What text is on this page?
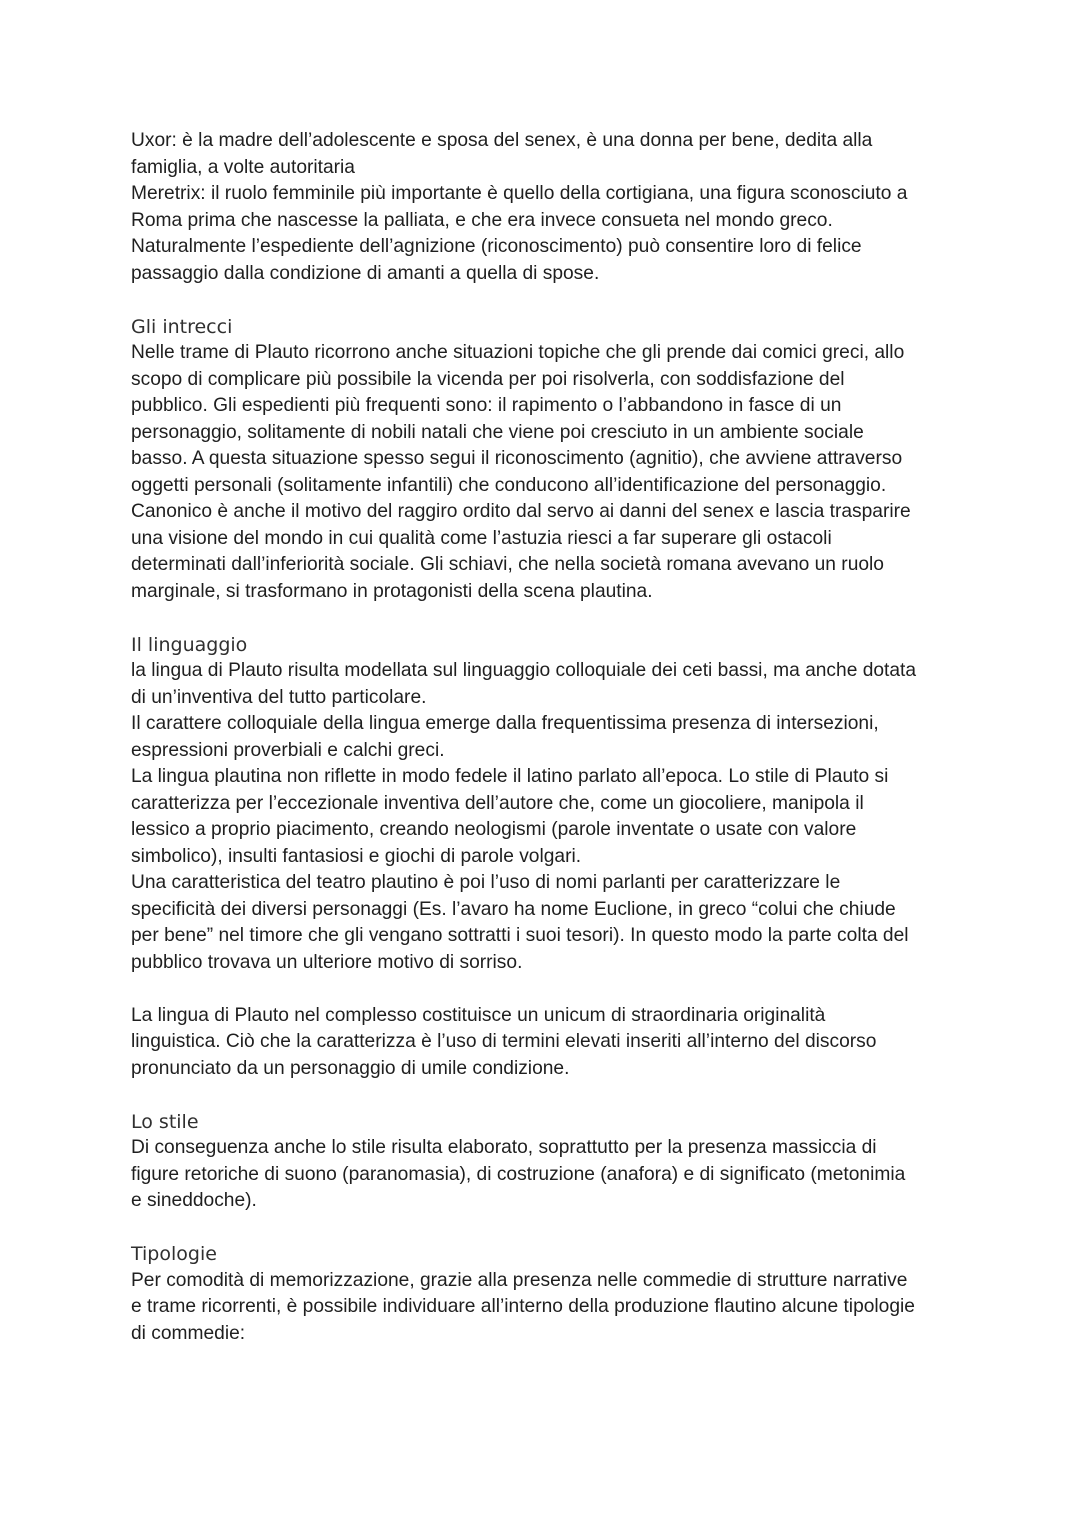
Uxor: è la madre dell’adolescente e sposa del senex, è una donna per bene, dedita alla
famiglia, a volte autoritaria
Meretrix: il ruolo femminile più importante è quello della cortigiana, una figura sconosciuto a
Roma prima che nascesse la palliata, e che era invece consueta nel mondo greco.
Naturalmente l’espediente dell’agnizione (riconoscimento) può consentire loro di felice
passaggio dalla condizione di amanti a quella di spose.
Gli intrecci
Nelle trame di Plauto ricorrono anche situazioni topiche che gli prende dai comici greci, allo
scopo di complicare più possibile la vicenda per poi risolverla, con soddisfazione del
pubblico. Gli espedienti più frequenti sono: il rapimento o l’abbandono in fasce di un
personaggio, solitamente di nobili natali che viene poi cresciuto in un ambiente sociale
basso. A questa situazione spesso segui il riconoscimento (agnitio), che avviene attraverso
oggetti personali (solitamente infantili) che conducono all’identificazione del personaggio.
Canonico è anche il motivo del raggiro ordito dal servo ai danni del senex e lascia trasparire
una visione del mondo in cui qualità come l’astuzia riesci a far superare gli ostacoli
determinati dall’inferiorità sociale. Gli schiavi, che nella società romana avevano un ruolo
marginale, si trasformano in protagonisti della scena plautina.
Il linguaggio
la lingua di Plauto risulta modellata sul linguaggio colloquiale dei ceti bassi, ma anche dotata
di un’inventiva del tutto particolare.
Il carattere colloquiale della lingua emerge dalla frequentissima presenza di intersezioni,
espressioni proverbiali e calchi greci.
La lingua plautina non riflette in modo fedele il latino parlato all’epoca. Lo stile di Plauto si
caratterizza per l’eccezionale inventiva dell’autore che, come un giocoliere, manipola il
lessico a proprio piacimento, creando neologismi (parole inventate o usate con valore
simbolico), insulti fantasiosi e giochi di parole volgari.
Una caratteristica del teatro plautino è poi l’uso di nomi parlanti per caratterizzare le
specificità dei diversi personaggi (Es. l’avaro ha nome Euclione, in greco “colui che chiude
per bene” nel timore che gli vengano sottratti i suoi tesori). In questo modo la parte colta del
pubblico trovava un ulteriore motivo di sorriso.
La lingua di Plauto nel complesso costituisce un unicum di straordinaria originalità
linguistica. Ciò che la caratterizza è l’uso di termini elevati inseriti all’interno del discorso
pronunciato da un personaggio di umile condizione.
Lo stile
Di conseguenza anche lo stile risulta elaborato, soprattutto per la presenza massiccia di
figure retoriche di suono (paranomasia), di costruzione (anafora) e di significato (metonimia
e sineddoche).
Tipologie
Per comodità di memorizzazione, grazie alla presenza nelle commedie di strutture narrative
e trame ricorrenti, è possibile individuare all’interno della produzione flautino alcune tipologie
di commedie:
